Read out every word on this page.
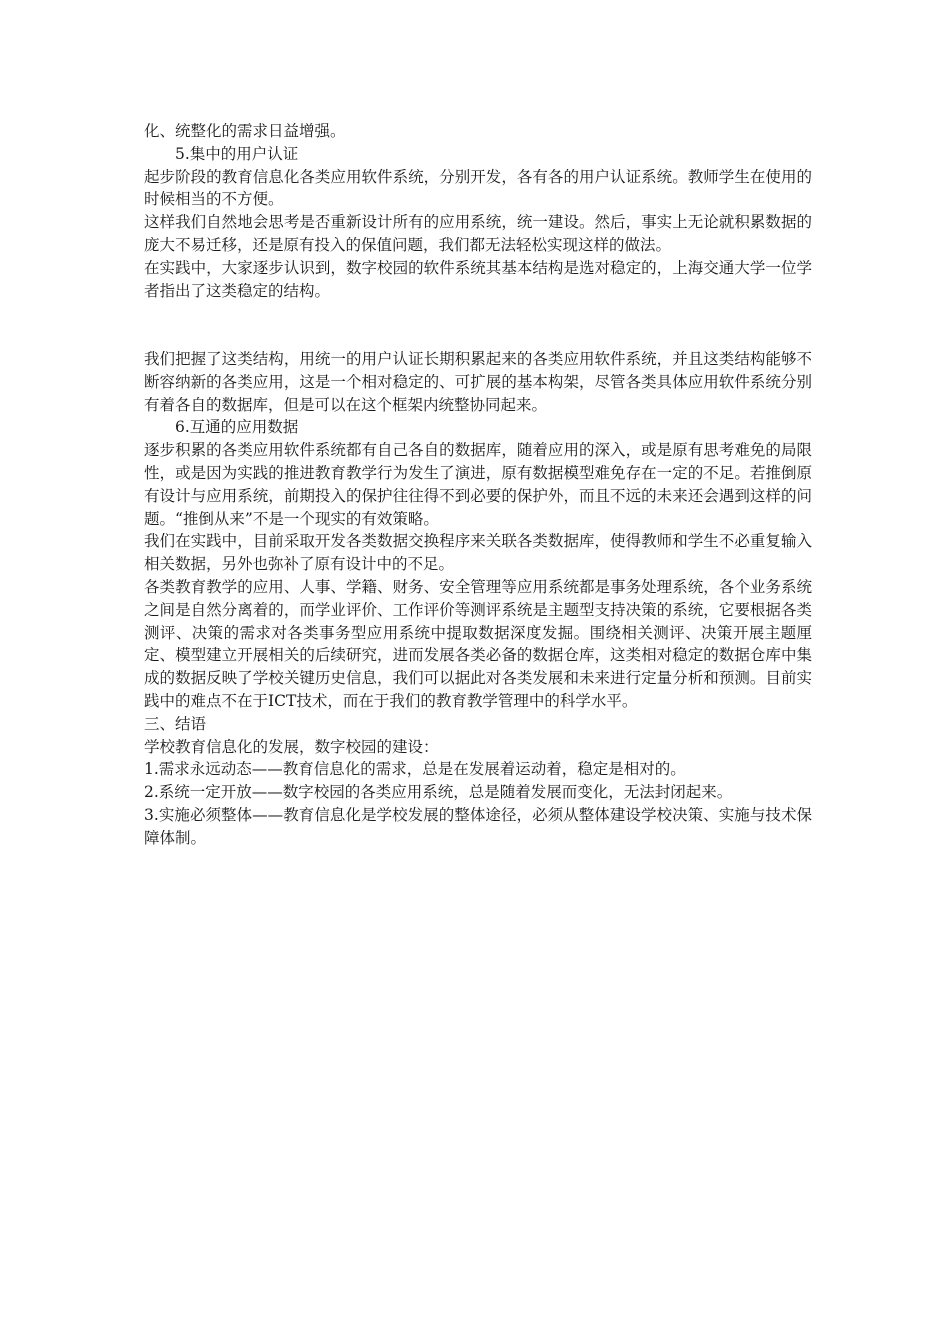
化、统整化的需求日益增强。

5.集中的用户认证

起步阶段的教育信息化各类应用软件系统，分别开发，各有各的用户认证系统。教师学生在使用的时候相当的不方便。

这样我们自然地会思考是否重新设计所有的应用系统，统一建设。然后，事实上无论就积累数据的庞大不易迁移，还是原有投入的保值问题，我们都无法轻松实现这样的做法。

在实践中，大家逐步认识到，数字校园的软件系统其基本结构是选对稳定的，上海交通大学一位学者指出了这类稳定的结构。

我们把握了这类结构，用统一的用户认证长期积累起来的各类应用软件系统，并且这类结构能够不断容纳新的各类应用，这是一个相对稳定的、可扩展的基本构架，尽管各类具体应用软件系统分别有着各自的数据库，但是可以在这个框架内统整协同起来。

6.互通的应用数据

逐步积累的各类应用软件系统都有自己各自的数据库，随着应用的深入，或是原有思考难免的局限性，或是因为实践的推进教育教学行为发生了演进，原有数据模型难免存在一定的不足。若推倒原有设计与应用系统，前期投入的保护往往得不到必要的保护外，而且不远的未来还会遇到这样的问题。“推倒从来”不是一个现实的有效策略。

我们在实践中，目前采取开发各类数据交换程序来关联各类数据库，使得教师和学生不必重复输入相关数据，另外也弥补了原有设计中的不足。

各类教育教学的应用、人事、学籍、财务、安全管理等应用系统都是事务处理系统，各个业务系统之间是自然分离着的，而学业评价、工作评价等测评系统是主题型支持决策的系统，它要根据各类测评、决策的需求对各类事务型应用系统中提取数据深度发掘。围绕相关测评、决策开展主题厘定、模型建立开展相关的后续研究，进而发展各类必备的数据仓库，这类相对稳定的数据仓库中集成的数据反映了学校关键历史信息，我们可以据此对各类发展和未来进行定量分析和预测。目前实践中的难点不在于ICT技术，而在于我们的教育教学管理中的科学水平。

三、结语

学校教育信息化的发展，数字校园的建设：

1.需求永远动态——教育信息化的需求，总是在发展着运动着，稳定是相对的。

2.系统一定开放——数字校园的各类应用系统，总是随着发展而变化，无法封闭起来。

3.实施必须整体——教育信息化是学校发展的整体途径，必须从整体建设学校决策、实施与技术保障体制。
